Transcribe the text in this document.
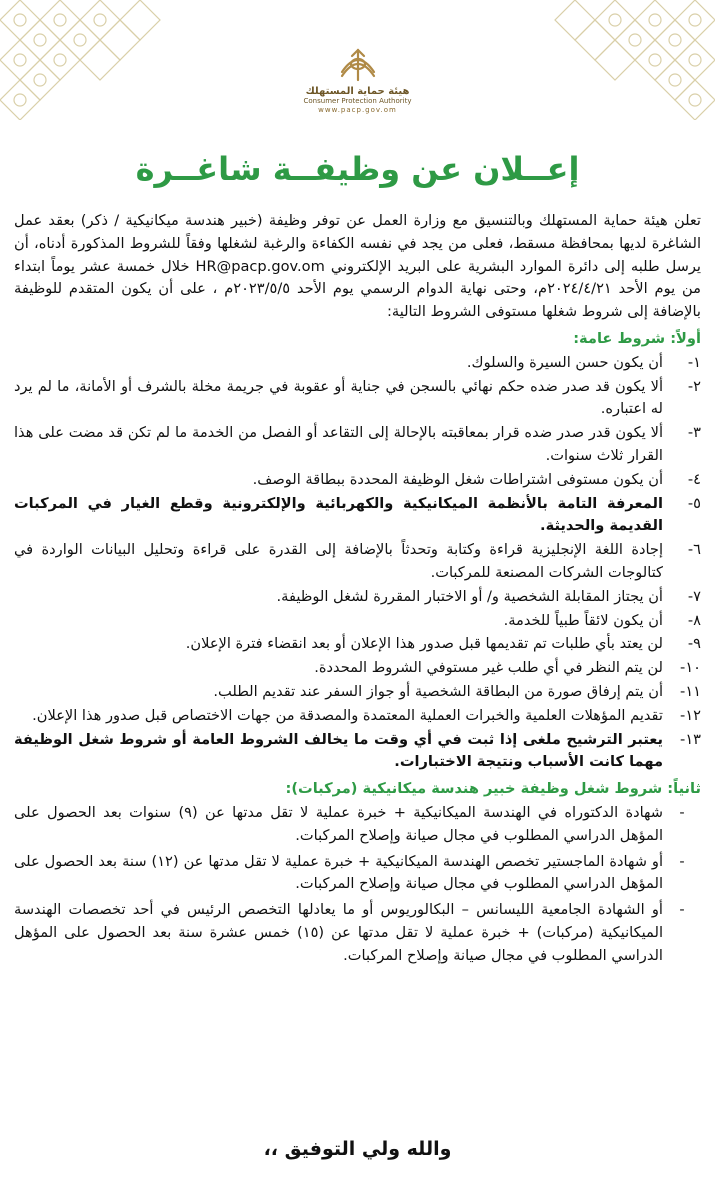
هيئة حماية المستهلك
Consumer Protection Authority
www.pacp.gov.om
إعــلان عن وظيفــة شاغــرة

تعلن هيئة حماية المستهلك وبالتنسيق مع وزارة العمل عن توفر وظيفة (خبير هندسة ميكانيكية / ذكر) بعقد عمل الشاغرة لديها بمحافظة مسقط، فعلى من يجد في نفسه الكفاءة والرغبة لشغلها وفقاً للشروط المذكورة أدناه، أن يرسل طلبه إلى دائرة الموارد البشرية على البريد الإلكتروني HR@pacp.gov.om خلال خمسة عشر يوماً ابتداء من يوم الأحد ٢٠٢٤/٤/٢١م، وحتى نهاية الدوام الرسمي يوم الأحد ٢٠٢٣/٥/٥م ، على أن يكون المتقدم للوظيفة بالإضافة إلى شروط شغلها مستوفى الشروط التالية:

أولاً: شروط عامة:
١-
أن يكون حسن السيرة والسلوك.
٢-
ألا يكون قد صدر ضده حكم نهائي بالسجن في جناية أو عقوبة في جريمة مخلة بالشرف أو الأمانة، ما لم يرد له اعتباره.
٣-
ألا يكون قدر صدر ضده قرار بمعاقبته بالإحالة إلى التقاعد أو الفصل من الخدمة ما لم تكن قد مضت على هذا القرار ثلاث سنوات.
٤-
أن يكون مستوفى اشتراطات شغل الوظيفة المحددة ببطاقة الوصف.
٥-
المعرفة التامة بالأنظمة الميكانيكية والكهربائية والإلكترونية وقطع الغيار في المركبات القديمة والحديثة.
٦-
إجادة اللغة الإنجليزية قراءة وكتابة وتحدثاً بالإضافة إلى القدرة على قراءة وتحليل البيانات الواردة في كتالوجات الشركات المصنعة للمركبات.
٧-
أن يجتاز المقابلة الشخصية و/ أو الاختبار المقررة لشغل الوظيفة.
٨-
أن يكون لائقاً طبياً للخدمة.
٩-
لن يعتد بأي طلبات تم تقديمها قبل صدور هذا الإعلان أو بعد انقضاء فترة الإعلان.
١٠-
لن يتم النظر في أي طلب غير مستوفي الشروط المحددة.
١١-
أن يتم إرفاق صورة من البطاقة الشخصية أو جواز السفر عند تقديم الطلب.
١٢-
تقديم المؤهلات العلمية والخبرات العملية المعتمدة والمصدقة من جهات الاختصاص قبل صدور هذا الإعلان.
١٣-
يعتبر الترشيح ملغى إذا ثبت في أي وقت ما يخالف الشروط العامة أو شروط شغل الوظيفة مهما كانت الأسباب ونتيجة الاختبارات.
ثانياً: شروط شغل وظيفة خبير هندسة ميكانيكية (مركبات):
-
شهادة الدكتوراه في الهندسة الميكانيكية + خبرة عملية لا تقل مدتها عن (٩) سنوات بعد الحصول على المؤهل الدراسي المطلوب في مجال صيانة وإصلاح المركبات.
-
أو شهادة الماجستير تخصص الهندسة الميكانيكية + خبرة عملية لا تقل مدتها عن (١٢) سنة بعد الحصول على المؤهل الدراسي المطلوب في مجال صيانة وإصلاح المركبات.
-
أو الشهادة الجامعية الليسانس – البكالوريوس أو ما يعادلها التخصص الرئيس في أحد تخصصات الهندسة الميكانيكية (مركبات) + خبرة عملية لا تقل مدتها عن (١٥) خمس عشرة سنة بعد الحصول على المؤهل الدراسي المطلوب في مجال صيانة وإصلاح المركبات.
والله ولي التوفيق ،،
